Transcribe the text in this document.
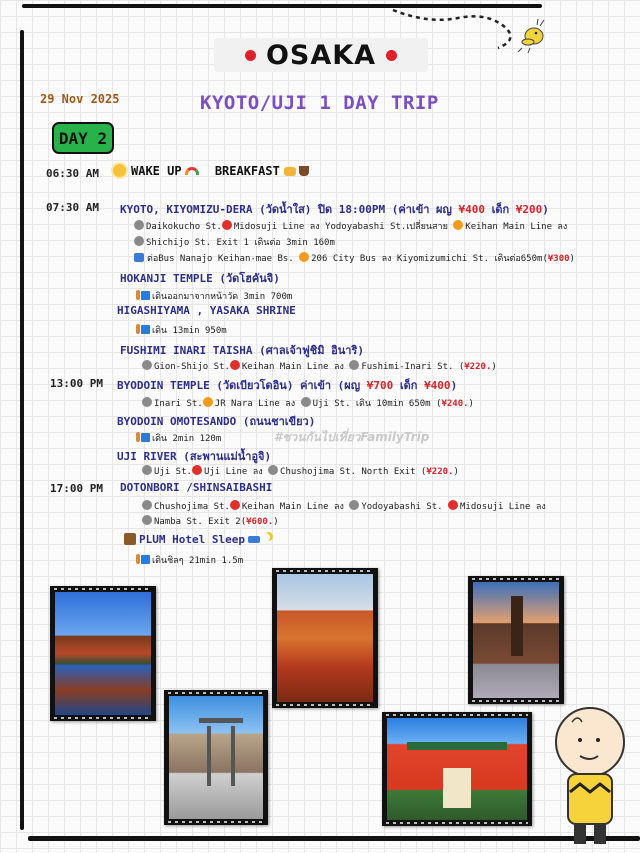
OSAKA
29 Nov 2025	KYOTO/UJI 1 DAY TRIP
DAY 2
06:30 AM	WAKE UP	BREAKFAST
07:30 AM KYOTO, KIYOMIZU-DERA (วัดน้ำใส) ปิด 18:00PM (ค่าเข้า ผญ ¥400 เด็ก ¥200)
Daikokucho St. Midosuji Line ลง Yodoyabashi St.เปลี่ยนสาย Keihan Main Line ลง
Shichijo St. Exit 1 เดินต่อ 3min 160m
ต่อBus Nanajo Keihan-mae Bs. 206 City Bus ลง Kiyomizumichi St. เดินต่อ650m(¥300)
HOKANJI TEMPLE (วัดโฮคันจิ)
เดินออกมาจากหน้าวัด 3min 700m
HIGASHIYAMA , YASAKA SHRINE
เดิน 13min 950m
FUSHIMI INARI TAISHA (ศาลเจ้าฟูชิมิ อินาริ)
Gion-Shijo St. Keihan Main Line ลง Fushimi-Inari St. (¥220.)
13:00 PM BYODOIN TEMPLE (วัดเบียวโดอิน) ค่าเข้า (ผญ ¥700 เด็ก ¥400)
Inari St. JR Nara Line ลง Uji St. เดิน 10min 650m (¥240.)
BYODOIN OMOTESANDO (ถนนชาเขียว)
เดิน 2min 120m	#ชวนกันไปเที่ยวFamilyTrip
UJI RIVER (สะพานแม่น้ำอูจิ)
Uji St. Uji Line ลง Chushojima St. North Exit (¥220.)
17:00 PM DOTONBORI /SHINSAIBASHI
Chushojima St. Keihan Main Line ลง Yodoyabashi St. Midosuji Line ลง
Namba St. Exit 2(¥600.)
PLUM Hotel Sleep
เดินชิลๆ 21min 1.5m
